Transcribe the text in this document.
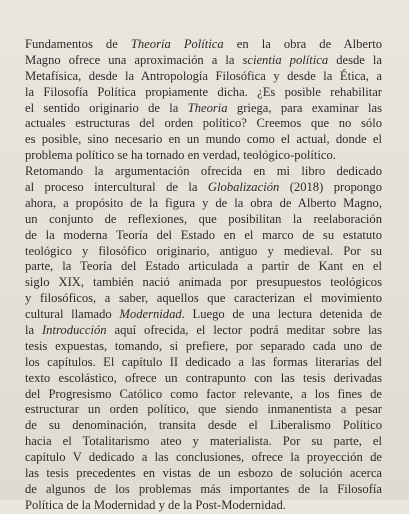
Fundamentos de Theoria Política en la obra de Alberto
Magno ofrece una aproximación a la scientia política desde la
Metafísica, desde la Antropología Filosófica y desde la Ética, a
la Filosofía Política propiamente dicha. ¿Es posible rehabilitar
el sentido originario de la Theoria griega, para examinar las
actuales estructuras del orden político? Creemos que no sólo
es posible, sino necesario en un mundo como el actual, donde el
problema político se ha tornado en verdad, teológico-político.
Retomando la argumentación ofrecida en mi libro dedicado
al proceso intercultural de la Globalización (2018) propongo
ahora, a propósito de la figura y de la obra de Alberto Magno,
un conjunto de reflexiones, que posibilitan la reelaboración
de la moderna Teoría del Estado en el marco de su estatuto
teológico y filosófico originario, antiguo y medieval. Por su
parte, la Teoría del Estado articulada a partir de Kant en el
siglo XIX, también nació animada por presupuestos teológicos
y filosóficos, a saber, aquellos que caracterizan el movimiento
cultural llamado Modernidad. Luego de una lectura detenida de
la Introducción aquí ofrecida, el lector podrá meditar sobre las
tesis expuestas, tomando, si prefiere, por separado cada uno de
los capítulos. El capítulo II dedicado a las formas literarias del
texto escolástico, ofrece un contrapunto con las tesis derivadas
del Progresismo Católico como factor relevante, a los fines de
estructurar un orden político, que siendo inmanentista a pesar
de su denominación, transita desde el Liberalismo Político
hacia el Totalitarismo ateo y materialista. Por su parte, el
capítulo V dedicado a las conclusiones, ofrece la proyección de
las tesis precedentes en vistas de un esbozo de solución acerca
de algunos de los problemas más importantes de la Filosofía
Política de la Modernidad y de la Post-Modernidad.
